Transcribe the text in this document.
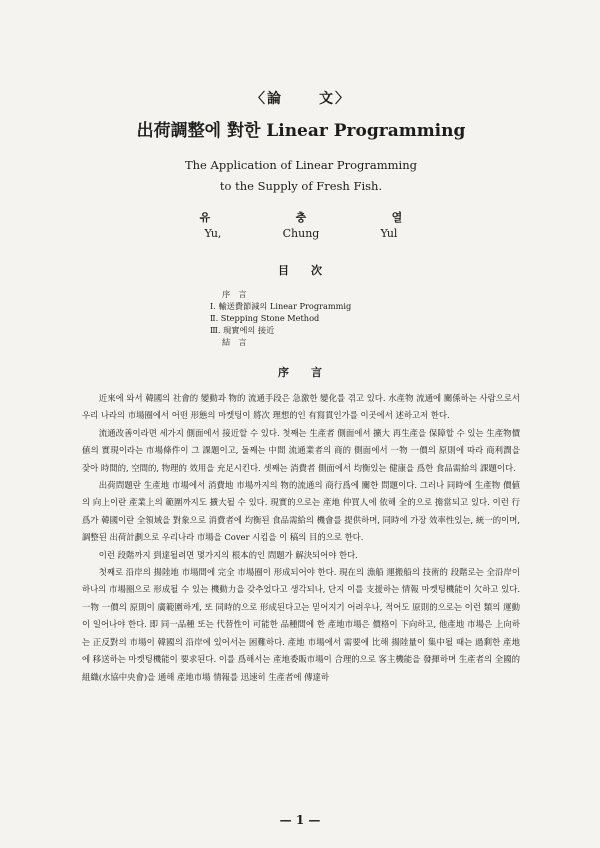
〈論	文〉
出荷調整에 對한 Linear Programming
The Application of Linear Programming
to the Supply of Fresh Fish.
유	충	열
Yu,	Chung	Yul
目 次
序　言
Ⅰ. 輸送費節減의 Linear Programmig
Ⅱ. Stepping Stone Method
Ⅲ. 現實에의 接近
結　言
序 言

近來에 와서 韓國의 社會的 變動과 物的 流通手段은 急激한 變化를 겪고 있다. 水產物 流通에 關係하는 사람으로서 우리 나라의 市場圈에서 어떤 形態의 마켓팅이 將次 理想的인 有寫貫인가를 이곳에서 述하고저 한다.

流通改善이라면 세가지 側面에서 接近할 수 있다. 첫째는 生產者 側面에서 擴大 再生產을 保障할 수 있는 生產物價値의 實現이라는 市場條件이 그 課題이고, 둘째는 中間 流通業者의 商的 側面에서 一物 一價의 原則에 따라 商利潤을 잦아 時間的, 空間的, 物理的 效用을 充足시킨다. 셋째는 消費者 側面에서 均衡있는 健康을 爲한 食品需給의 課題이다.

出荷問題란 生產地 市場에서 消費地 市場까지의 物的流通의 商行爲에 關한 問題이다. 그러나 同時에 生產物 價値의 向上이란 產業上의 範圍까지도 擴大될 수 있다. 現實的으로는 產地 仲買人에 依해 全的으로 擔當되고 있다. 이런 行爲가 韓國이란 全領域을 對象으로 消費者에 均衡된 食品需給의 機會를 提供하며, 同時에 가장 效率性있는, 統一的이며, 調整된 出荷計劃으로 우리나라 市場을 Cover 시킴을 이 稿의 目的으로 한다.

이런 段階까지 到達될려면 몇가지의 根本的인 問題가 解決되어야 한다.

첫째로 沿岸의 揚陸地 市場間에 完全 市場圈이 形成되어야 한다. 現在의 漁船 運搬船의 技術的 段階로는 全沿岸이 하나의 市場圈으로 形成될 수 있는 機動力을 갖추었다고 생각되나, 단지 이를 支援하는 情報 마켓팅機能이 欠하고 있다. 一物 一價의 原則이 廣範圍하게, 또 同時的으로 形成된다고는 믿어지기 어려우나, 적어도 原則的으로는 이런 類의 運動이 일어나야 한다. 即 同一品種 또는 代替性이 可能한 品種間에 한 產地市場은 價格이 下向하고, 他產地 市場은 上向하는 正反對의 市場이 韓國의 沿岸에 있어서는 困難하다. 產地 市場에서 需要에 比해 揚陸量이 集中될 때는 過剩한 產地에 移送하는 마켓팅機能이 要求된다. 이를 爲해서는 產地委販市場이 合理的으로 客主機能을 發揮하며 生產者의 全國的 組織(水協中央會)을 通해 產地市場 情報를 迅速히 生產者에 傳達하

— 1 —
